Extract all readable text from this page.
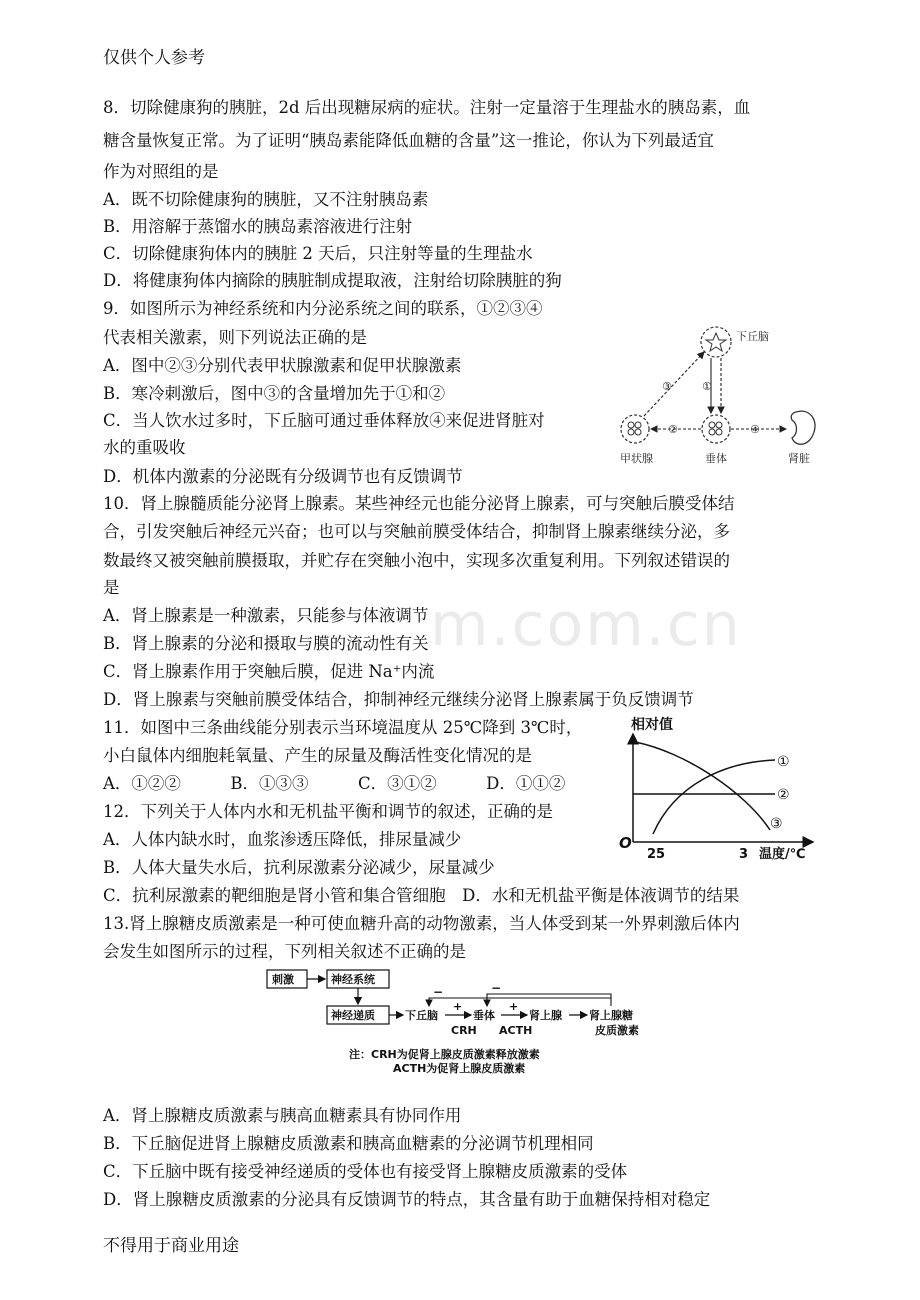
m.com.cn
仅供个人参考
8．切除健康狗的胰脏，2d 后出现糖尿病的症状。注射一定量溶于生理盐水的胰岛素，血
糖含量恢复正常。为了证明“胰岛素能降低血糖的含量”这一推论，你认为下列最适宜
作为对照组的是
A．既不切除健康狗的胰脏，又不注射胰岛素
B．用溶解于蒸馏水的胰岛素溶液进行注射
C．切除健康狗体内的胰脏 2 天后，只注射等量的生理盐水
D．将健康狗体内摘除的胰脏制成提取液，注射给切除胰脏的狗
9．如图所示为神经系统和内分泌系统之间的联系，①②③④
代表相关激素，则下列说法正确的是
A．图中②③分别代表甲状腺激素和促甲状腺激素
B．寒冷刺激后，图中③的含量增加先于①和②
C．当人饮水过多时，下丘脑可通过垂体释放④来促进肾脏对
水的重吸收
D．机体内激素的分泌既有分级调节也有反馈调节
10．肾上腺髓质能分泌肾上腺素。某些神经元也能分泌肾上腺素，可与突触后膜受体结
合，引发突触后神经元兴奋；也可以与突触前膜受体结合，抑制肾上腺素继续分泌，多
数最终又被突触前膜摄取，并贮存在突触小泡中，实现多次重复利用。下列叙述错误的
是
A．肾上腺素是一种激素，只能参与体液调节
B．肾上腺素的分泌和摄取与膜的流动性有关
C．肾上腺素作用于突触后膜，促进 Na⁺内流
D．肾上腺素与突触前膜受体结合，抑制神经元继续分泌肾上腺素属于负反馈调节
11．如图中三条曲线能分别表示当环境温度从 25℃降到 3℃时，
小白鼠体内细胞耗氧量、产生的尿量及酶活性变化情况的是
A．①②②　　　B．①③③　　　C．③①②　　　D．①①②
12．下列关于人体内水和无机盐平衡和调节的叙述，正确的是
A．人体内缺水时，血浆渗透压降低，排尿量减少
B．人体大量失水后，抗利尿激素分泌减少，尿量减少
C．抗利尿激素的靶细胞是肾小管和集合管细胞　D．水和无机盐平衡是体液调节的结果
13.肾上腺糖皮质激素是一种可使血糖升高的动物激素，当人体受到某一外界刺激后体内
会发生如图所示的过程，下列相关叙述不正确的是
A．肾上腺糖皮质激素与胰高血糖素具有协同作用
B．下丘脑促进肾上腺糖皮质激素和胰高血糖素的分泌调节机理相同
C．下丘脑中既有接受神经递质的受体也有接受肾上腺糖皮质激素的受体
D．肾上腺糖皮质激素的分泌具有反馈调节的特点，其含量有助于血糖保持相对稳定
不得用于商业用途
下丘脑
甲状腺	垂体	肾脏
①
③
②	④
相对值
O
25	3 温度/℃
①
②
③
刺激	神经系统
神经递质	下丘脑
+
垂体
+
肾上腺 肾上腺糖
皮质激素
−	−
CRH ACTH
注：CRH为促肾上腺皮质激素释放激素
ACTH为促肾上腺皮质激素
